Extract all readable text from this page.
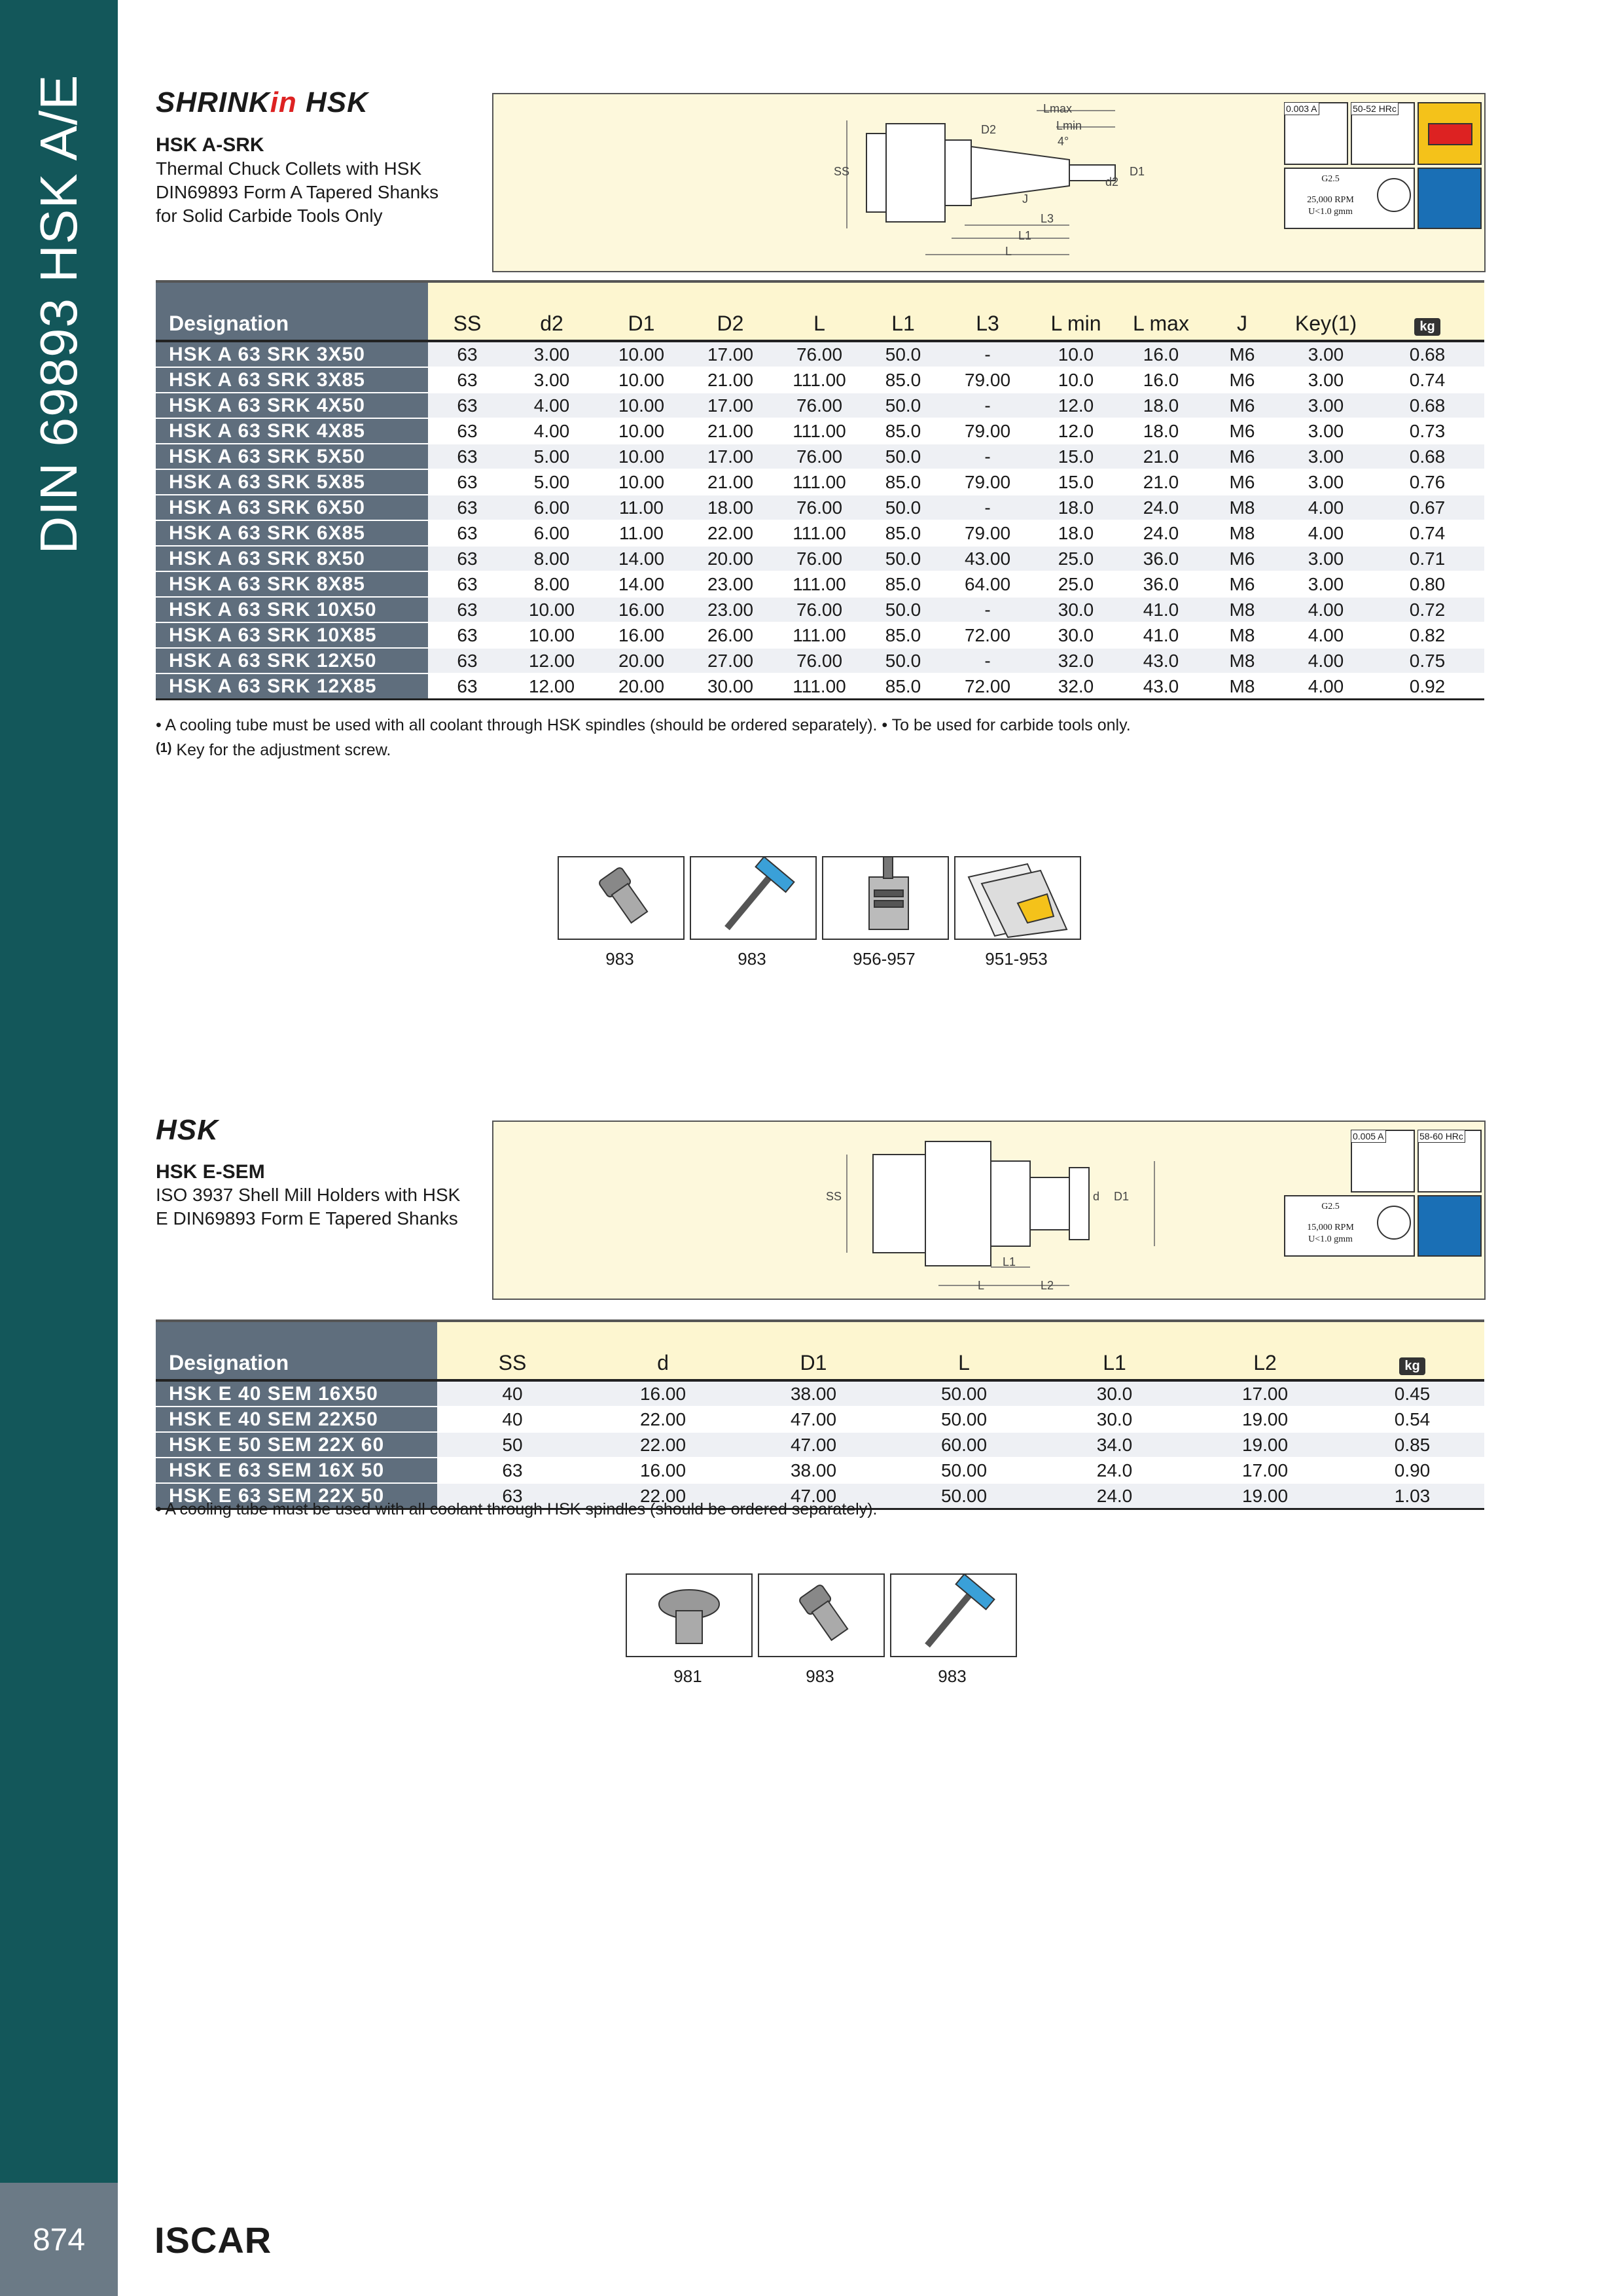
DIN 69893 HSK A/E
874	ISCAR
SHRINKin HSK
HSK A-SRK
Thermal Chuck Collets with HSK
DIN69893 Form A Tapered Shanks
for Solid Carbide Tools Only
Lmax
Lmin
4°
D2
SS	D1
d2
J
L3
L1
L
0.003 A	50-52 HRc
G2.5
25,000 RPM
U<1.0 gmm
Designation	SS	d2	D1	D2	L	L1	L3	L min	L max	J	Key(1)	kg
HSK A 63 SRK 3X50	63	3.00	10.00	17.00	76.00	50.0	-	10.0	16.0	M6	3.00	0.68
HSK A 63 SRK 3X85	63	3.00	10.00	21.00	111.00	85.0	79.00	10.0	16.0	M6	3.00	0.74
HSK A 63 SRK 4X50	63	4.00	10.00	17.00	76.00	50.0	-	12.0	18.0	M6	3.00	0.68
HSK A 63 SRK 4X85	63	4.00	10.00	21.00	111.00	85.0	79.00	12.0	18.0	M6	3.00	0.73
HSK A 63 SRK 5X50	63	5.00	10.00	17.00	76.00	50.0	-	15.0	21.0	M6	3.00	0.68
HSK A 63 SRK 5X85	63	5.00	10.00	21.00	111.00	85.0	79.00	15.0	21.0	M6	3.00	0.76
HSK A 63 SRK 6X50	63	6.00	11.00	18.00	76.00	50.0	-	18.0	24.0	M8	4.00	0.67
HSK A 63 SRK 6X85	63	6.00	11.00	22.00	111.00	85.0	79.00	18.0	24.0	M8	4.00	0.74
HSK A 63 SRK 8X50	63	8.00	14.00	20.00	76.00	50.0	43.00	25.0	36.0	M6	3.00	0.71
HSK A 63 SRK 8X85	63	8.00	14.00	23.00	111.00	85.0	64.00	25.0	36.0	M6	3.00	0.80
HSK A 63 SRK 10X50	63	10.00	16.00	23.00	76.00	50.0	-	30.0	41.0	M8	4.00	0.72
HSK A 63 SRK 10X85	63	10.00	16.00	26.00	111.00	85.0	72.00	30.0	41.0	M8	4.00	0.82
HSK A 63 SRK 12X50	63	12.00	20.00	27.00	76.00	50.0	-	32.0	43.0	M8	4.00	0.75
HSK A 63 SRK 12X85	63	12.00	20.00	30.00	111.00	85.0	72.00	32.0	43.0	M8	4.00	0.92
• A cooling tube must be used with all coolant through HSK spindles (should be ordered separately). • To be used for carbide tools only.
$^{(1)}$ Key for the adjustment screw.
983	983	956-957	951-953
HSK
HSK E-SEM
ISO 3937 Shell Mill Holders with HSK
E DIN69893 Form E Tapered Shanks
SS	d D1
L1
L	L2
0.005 A	58-60 HRc
G2.5
15,000 RPM
U<1.0 gmm
Designation	SS	d	D1	L	L1	L2	kg
HSK E 40 SEM 16X50	40	16.00	38.00	50.00	30.0	17.00	0.45
HSK E 40 SEM 22X50	40	22.00	47.00	50.00	30.0	19.00	0.54
HSK E 50 SEM 22X 60	50	22.00	47.00	60.00	34.0	19.00	0.85
HSK E 63 SEM 16X 50	63	16.00	38.00	50.00	24.0	17.00	0.90
HSK E 63 SEM 22X 50	63	22.00	47.00	50.00	24.0	19.00	1.03
• A cooling tube must be used with all coolant through HSK spindles (should be ordered separately).
981	983	983
